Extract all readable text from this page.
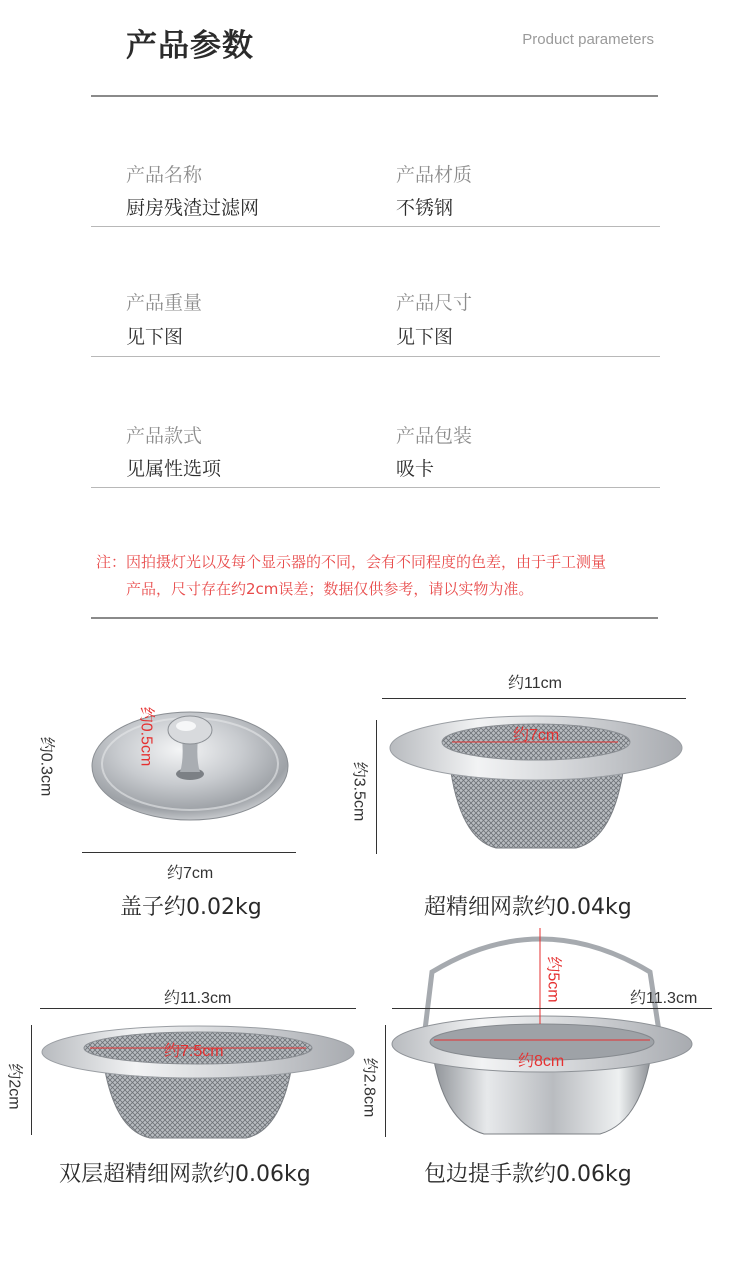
产品参数	Product parameters
产品名称
厨房残渣过滤网
产品材质
不锈钢
产品重量
见下图
产品尺寸
见下图
产品款式
见属性选项
产品包装
吸卡
注：因拍摄灯光以及每个显示器的不同，会有不同程度的色差，由于手工测量
产品，尺寸存在约2cm误差；数据仅供参考，请以实物为准。
约0.5cm
约0.3cm
约7cm
盖子约0.02kg
约11cm
约3.5cm
约7cm
超精细网款约0.04kg
约11.3cm
约2cm
约7.5cm
双层超精细网款约0.06kg
约5cm	约11.3cm
约8cm
约2.8cm
包边提手款约0.06kg
